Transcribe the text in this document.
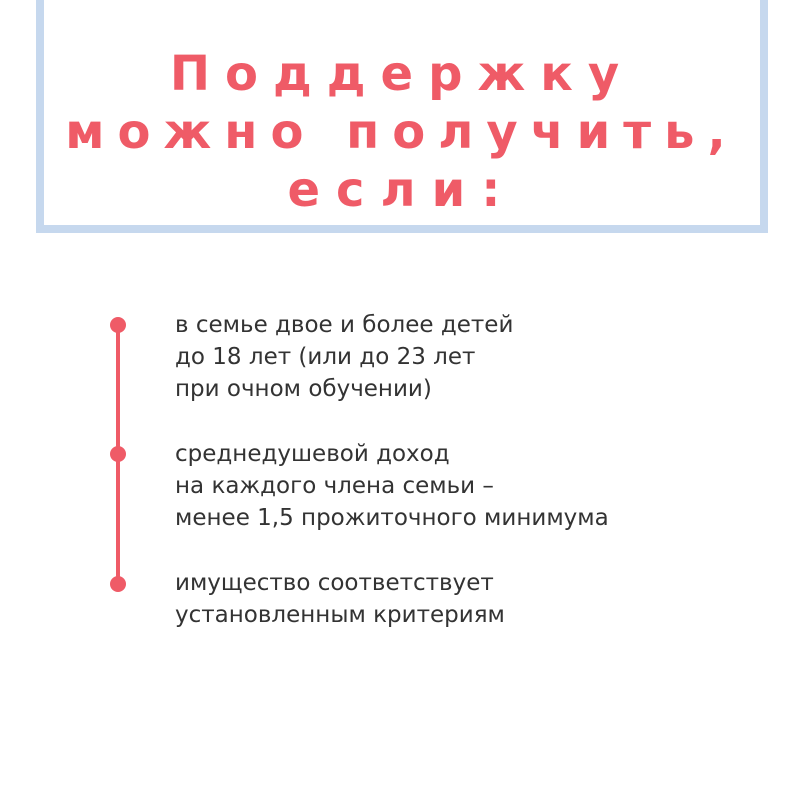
Поддержку
можно получить,
если:

в семье двое и более детей
до 18 лет (или до 23 лет
при очном обучении)

среднедушевой доход
на каждого члена семьи –
менее 1,5 прожиточного минимума

имущество соответствует
установленным критериям
